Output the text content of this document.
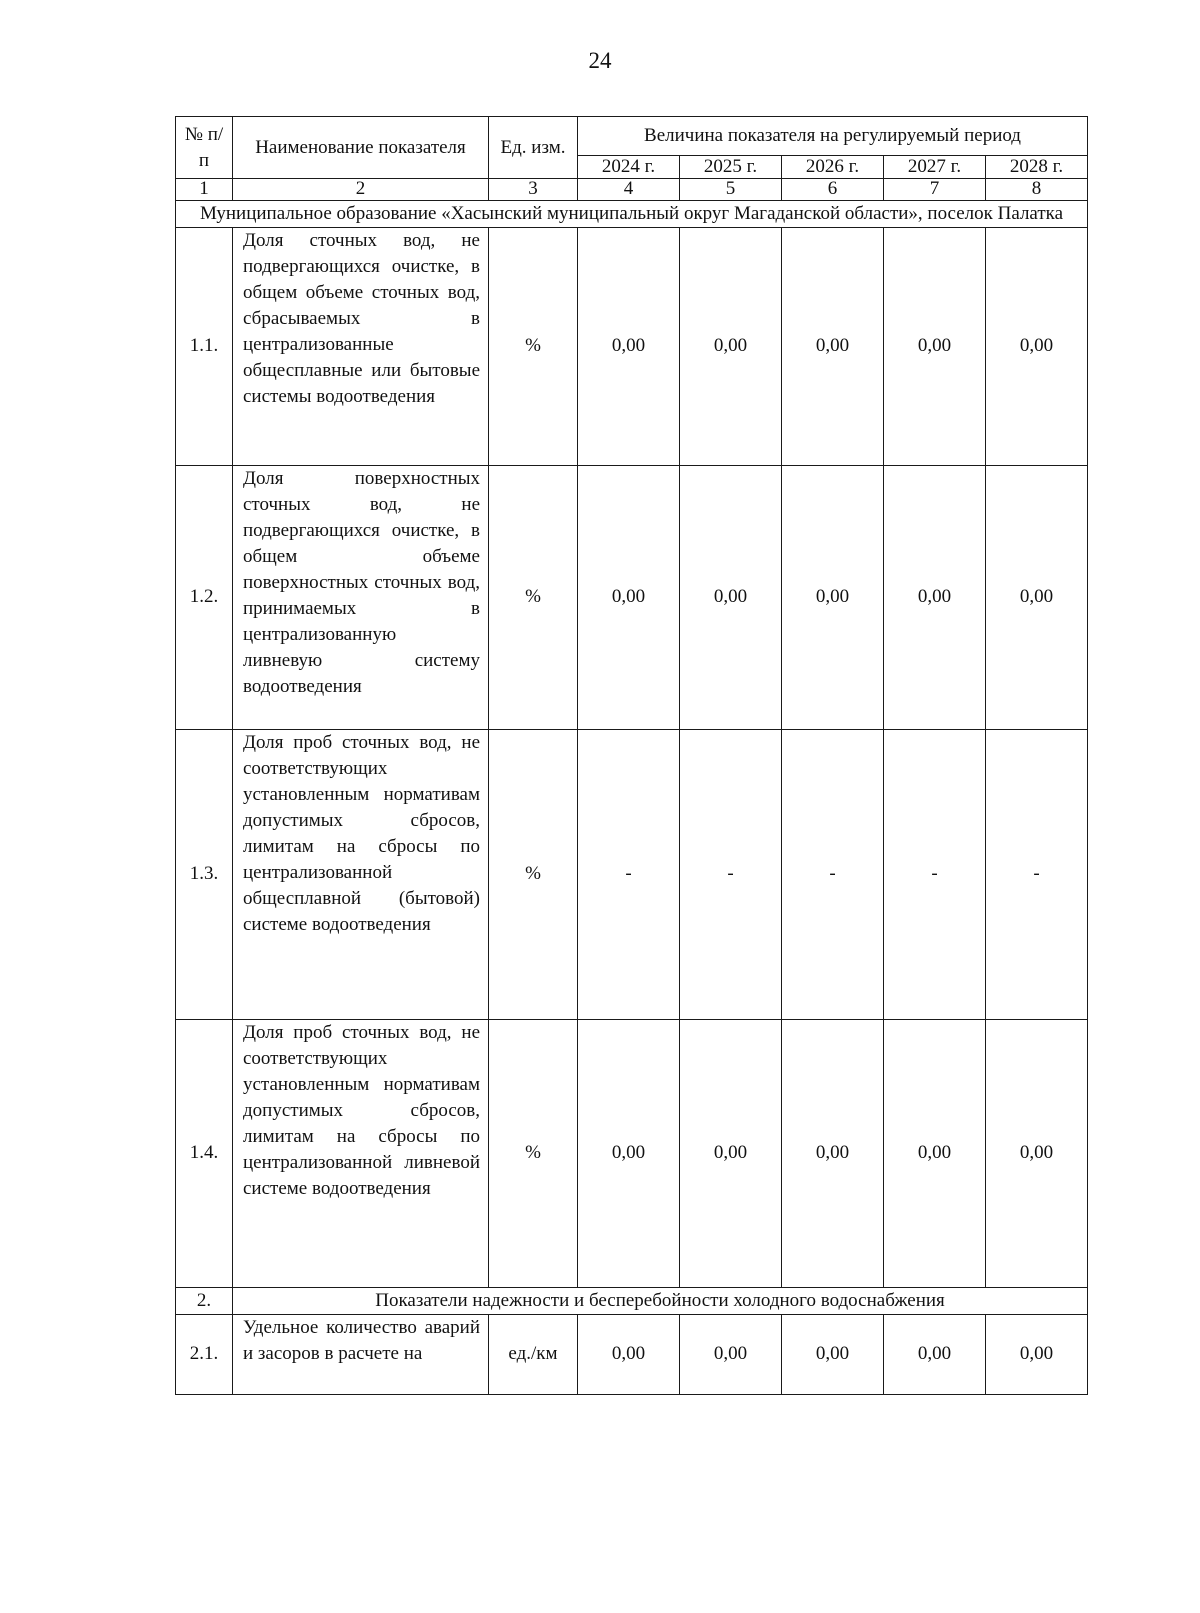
24
№ п/п	Наименование показателя	Ед. изм.	Величина показателя на регулируемый период				
			2024 г.	2025 г.	2026 г.	2027 г.	2028 г.
1	2	3	4	5	6	7	8
Муниципальное образование «Хасынский муниципальный округ Магаданской области», поселок Палатка							
1.1.	Доля сточных вод, не подвергающихся очистке, в общем объеме сточных вод, сбрасываемых в централизованные общесплавные или бытовые системы водоотведения	%	0,00	0,00	0,00	0,00	0,00
1.2.	Доля поверхностных сточных вод, не подвергающихся очистке, в общем объеме поверхностных сточных вод, принимаемых в централизованную ливневую систему водоотведения	%	0,00	0,00	0,00	0,00	0,00
1.3.	Доля проб сточных вод, не соответствующих установленным нормативам допустимых сбросов, лимитам на сбросы по централизованной общесплавной (бытовой) системе водоотведения	%	-	-	-	-	-
1.4.	Доля проб сточных вод, не соответствующих установленным нормативам допустимых сбросов, лимитам на сбросы по централизованной ливневой системе водоотведения	%	0,00	0,00	0,00	0,00	0,00
2.	Показатели надежности и бесперебойности холодного водоснабжения						
2.1.	Удельное количество аварий и засоров в расчете на	ед./км	0,00	0,00	0,00	0,00	0,00
